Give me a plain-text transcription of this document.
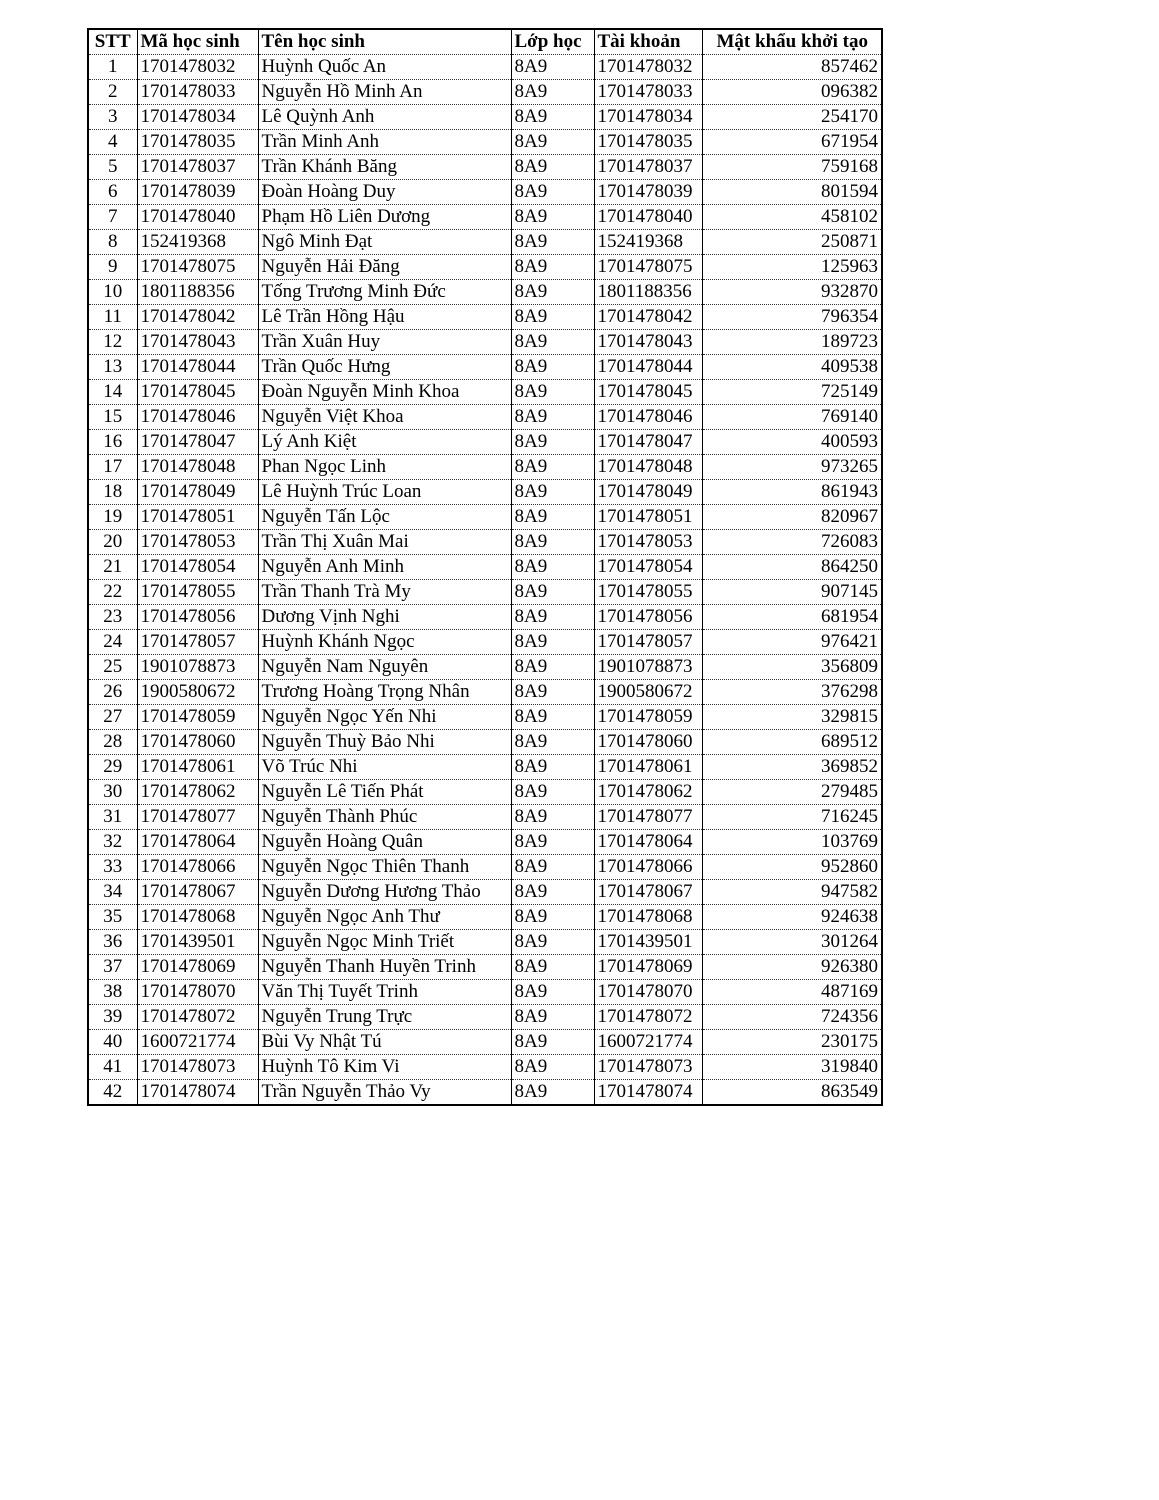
STT	Mã học sinh	Tên học sinh	Lớp học	Tài khoản	Mật khẩu khởi tạo
1	1701478032	Huỳnh Quốc An	8A9	1701478032	857462
2	1701478033	Nguyễn Hồ Minh An	8A9	1701478033	096382
3	1701478034	Lê Quỳnh Anh	8A9	1701478034	254170
4	1701478035	Trần Minh Anh	8A9	1701478035	671954
5	1701478037	Trần Khánh Băng	8A9	1701478037	759168
6	1701478039	Đoàn Hoàng Duy	8A9	1701478039	801594
7	1701478040	Phạm Hồ Liên Dương	8A9	1701478040	458102
8	152419368	Ngô Minh Đạt	8A9	152419368	250871
9	1701478075	Nguyễn Hải Đăng	8A9	1701478075	125963
10	1801188356	Tống Trương Minh Đức	8A9	1801188356	932870
11	1701478042	Lê Trần Hồng Hậu	8A9	1701478042	796354
12	1701478043	Trần Xuân Huy	8A9	1701478043	189723
13	1701478044	Trần Quốc Hưng	8A9	1701478044	409538
14	1701478045	Đoàn Nguyễn Minh Khoa	8A9	1701478045	725149
15	1701478046	Nguyễn Việt Khoa	8A9	1701478046	769140
16	1701478047	Lý Anh Kiệt	8A9	1701478047	400593
17	1701478048	Phan Ngọc Linh	8A9	1701478048	973265
18	1701478049	Lê Huỳnh Trúc Loan	8A9	1701478049	861943
19	1701478051	Nguyễn Tấn Lộc	8A9	1701478051	820967
20	1701478053	Trần Thị Xuân Mai	8A9	1701478053	726083
21	1701478054	Nguyễn Anh Minh	8A9	1701478054	864250
22	1701478055	Trần Thanh Trà My	8A9	1701478055	907145
23	1701478056	Dương Vịnh Nghi	8A9	1701478056	681954
24	1701478057	Huỳnh Khánh Ngọc	8A9	1701478057	976421
25	1901078873	Nguyễn Nam Nguyên	8A9	1901078873	356809
26	1900580672	Trương Hoàng Trọng Nhân	8A9	1900580672	376298
27	1701478059	Nguyễn Ngọc Yến Nhi	8A9	1701478059	329815
28	1701478060	Nguyễn Thuỳ Bảo Nhi	8A9	1701478060	689512
29	1701478061	Võ Trúc Nhi	8A9	1701478061	369852
30	1701478062	Nguyễn Lê Tiến Phát	8A9	1701478062	279485
31	1701478077	Nguyễn Thành Phúc	8A9	1701478077	716245
32	1701478064	Nguyễn Hoàng Quân	8A9	1701478064	103769
33	1701478066	Nguyễn Ngọc Thiên Thanh	8A9	1701478066	952860
34	1701478067	Nguyễn Dương Hương Thảo	8A9	1701478067	947582
35	1701478068	Nguyễn Ngọc Anh Thư	8A9	1701478068	924638
36	1701439501	Nguyễn Ngọc Minh Triết	8A9	1701439501	301264
37	1701478069	Nguyễn Thanh Huyền Trinh	8A9	1701478069	926380
38	1701478070	Văn Thị Tuyết Trinh	8A9	1701478070	487169
39	1701478072	Nguyễn Trung Trực	8A9	1701478072	724356
40	1600721774	Bùi Vy Nhật Tú	8A9	1600721774	230175
41	1701478073	Huỳnh Tô Kim Vi	8A9	1701478073	319840
42	1701478074	Trần Nguyễn Thảo Vy	8A9	1701478074	863549
